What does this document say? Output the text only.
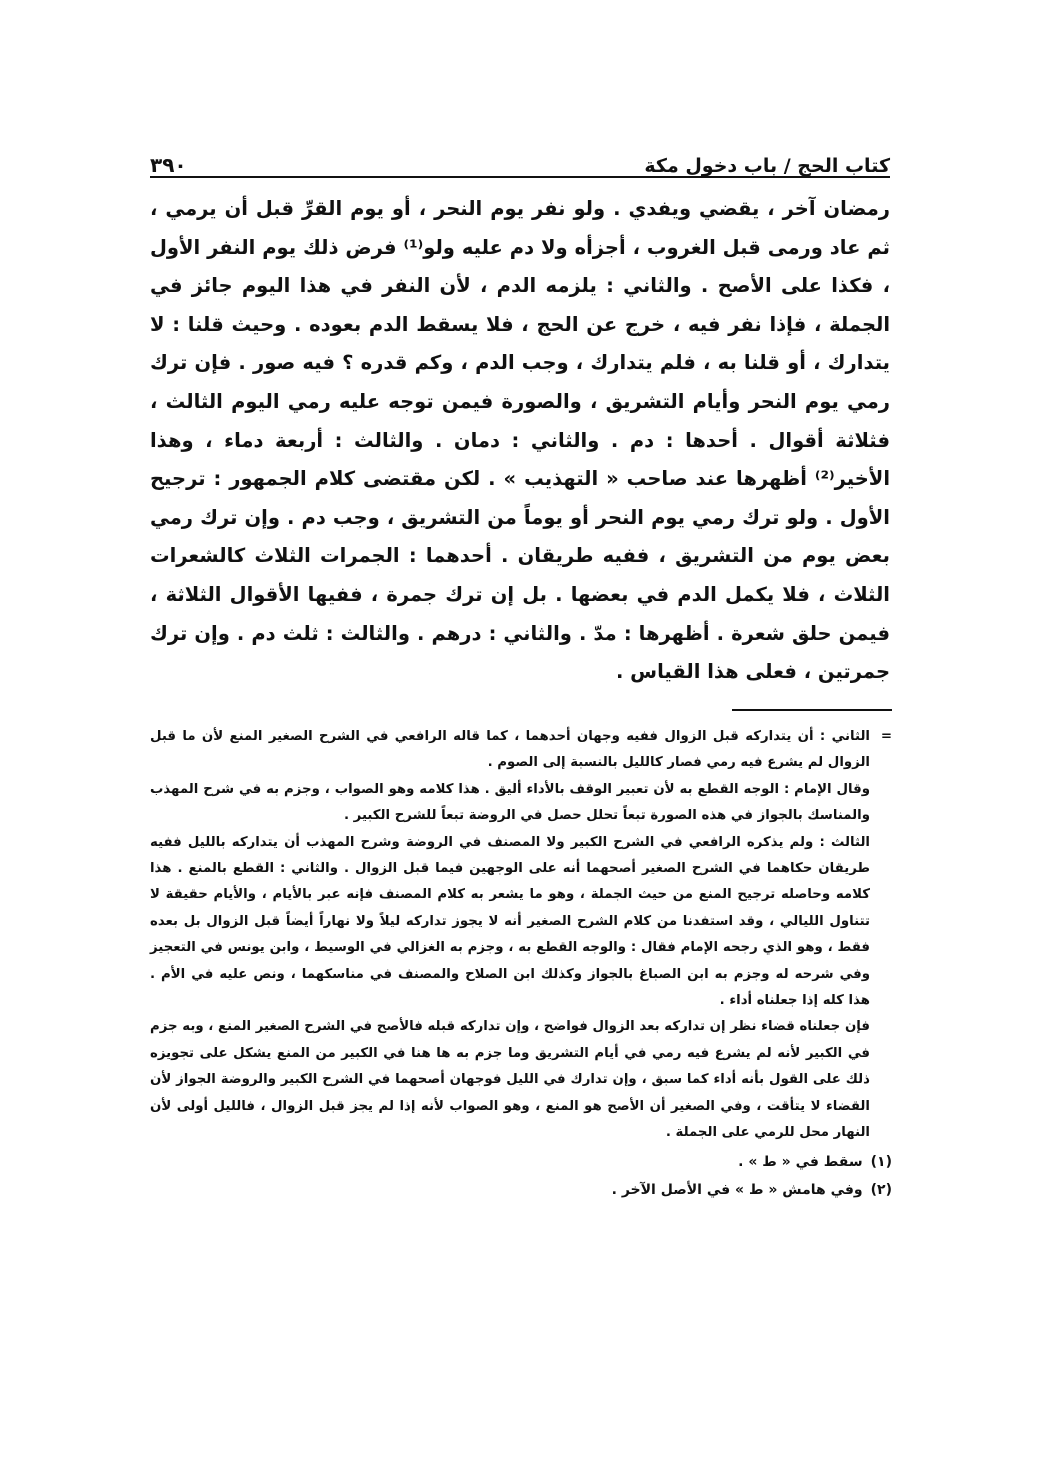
كتاب الحج / باب دخول مكة
٣٩٠

رمضان آخر ، يقضي ويفدي . ولو نفر يوم النحر ، أو يوم القرِّ قبل أن يرمي ، ثم عاد ورمى قبل الغروب ، أجزأه ولا دم عليه ولو⁽¹⁾ فرض ذلك يوم النفر الأول ، فكذا على الأصح . والثاني : يلزمه الدم ، لأن النفر في هذا اليوم جائز في الجملة ، فإذا نفر فيه ، خرج عن الحج ، فلا يسقط الدم بعوده . وحيث قلنا : لا يتدارك ، أو قلنا به ، فلم يتدارك ، وجب الدم ، وكم قدره ؟ فيه صور . فإن ترك رمي يوم النحر وأيام التشريق ، والصورة فيمن توجه عليه رمي اليوم الثالث ، فثلاثة أقوال . أحدها : دم . والثاني : دمان . والثالث : أربعة دماء ، وهذا الأخير⁽²⁾ أظهرها عند صاحب « التهذيب » . لكن مقتضى كلام الجمهور : ترجيح الأول . ولو ترك رمي يوم النحر أو يوماً من التشريق ، وجب دم . وإن ترك رمي بعض يوم من التشريق ، ففيه طريقان . أحدهما : الجمرات الثلاث كالشعرات الثلاث ، فلا يكمل الدم في بعضها . بل إن ترك جمرة ، ففيها الأقوال الثلاثة ، فيمن حلق شعرة . أظهرها : مدّ . والثاني : درهم . والثالث : ثلث دم . وإن ترك جمرتين ، فعلى هذا القياس .

=
الثاني : أن يتداركه قبل الزوال ففيه وجهان أحدهما ، كما قاله الرافعي في الشرح الصغير المنع لأن ما قبل الزوال لم يشرع فيه رمي فصار كالليل بالنسبة إلى الصوم .

وقال الإمام : الوجه القطع به لأن تعبير الوقف بالأداء أليق . هذا كلامه وهو الصواب ، وجزم به في شرح المهذب والمناسك بالجواز في هذه الصورة تبعاً تحلل حصل في الروضة تبعاً للشرح الكبير .

الثالث : ولم يذكره الرافعي في الشرح الكبير ولا المصنف في الروضة وشرح المهذب أن يتداركه بالليل ففيه طريقان حكاهما في الشرح الصغير أصحهما أنه على الوجهين فيما قبل الزوال . والثاني : القطع بالمنع . هذا كلامه وحاصله ترجيح المنع من حيث الجملة ، وهو ما يشعر به كلام المصنف فإنه عبر بالأيام ، والأيام حقيقة لا تتناول الليالي ، وقد استفدنا من كلام الشرح الصغير أنه لا يجوز تداركه ليلاً ولا نهاراً أيضاً قبل الزوال بل بعده فقط ، وهو الذي رجحه الإمام فقال : والوجه القطع به ، وجزم به الغزالي في الوسيط ، وابن يونس في التعجيز وفي شرحه له وجزم به ابن الصباغ بالجواز وكذلك ابن الصلاح والمصنف في مناسكهما ، ونص عليه في الأم . هذا كله إذا جعلناه أداء .

فإن جعلناه قضاء نظر إن تداركه بعد الزوال فواضح ، وإن تداركه قبله فالأصح في الشرح الصغير المنع ، وبه جزم في الكبير لأنه لم يشرع فيه رمي في أيام التشريق وما جزم به ها هنا في الكبير من المنع يشكل على تجويزه ذلك على القول بأنه أداء كما سبق ، وإن تدارك في الليل فوجهان أصحهما في الشرح الكبير والروضة الجواز لأن القضاء لا يتأقت ، وفي الصغير أن الأصح هو المنع ، وهو الصواب لأنه إذا لم يجز قبل الزوال ، فالليل أولى لأن النهار محل للرمي على الجملة .

(١)
سقط في « ط » .
(٢)
وفي هامش « ط » في الأصل الآخر .
